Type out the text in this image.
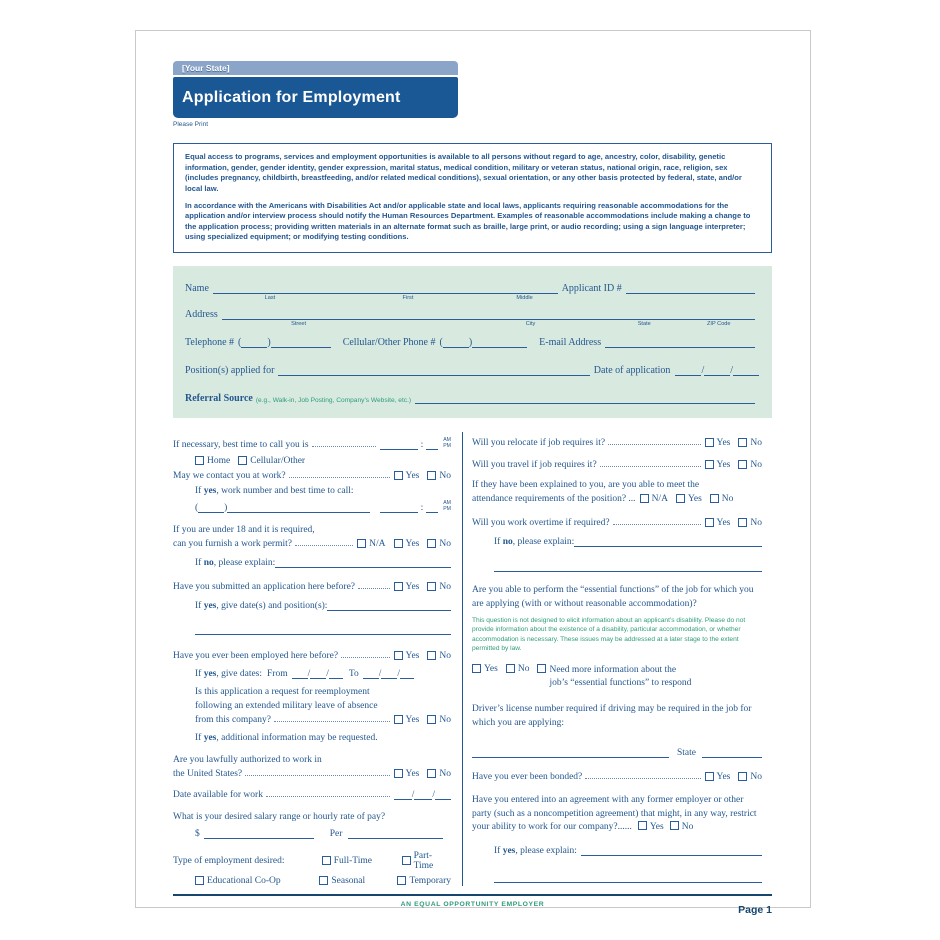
[Your State]
Application for Employment
Please Print

Equal access to programs, services and employment opportunities is available to all persons without regard to age, ancestry, color, disability, genetic information, gender, gender identity, gender expression, marital status, medical condition, military or veteran status, national origin, race, religion, sex (includes pregnancy, childbirth, breastfeeding, and/or related medical conditions), sexual orientation, or any other basis protected by federal, state, and/or local law.

In accordance with the Americans with Disabilities Act and/or applicable state and local laws, applicants requiring reasonable accommodations for the application and/or interview process should notify the Human Resources Department. Examples of reasonable accommodations include making a change to the application process; providing written materials in an alternate format such as braille, large print, or audio recording; using a sign language interpreter; using specialized equipment; or modifying testing conditions.

Name
Last	First	Middle
Applicant ID #
Address
Street	City	State	ZIP Code
Telephone # (	)	Cellular/Other Phone # (	)	E-mail Address
Position(s) applied for	Date of application	/	/
Referral Source (e.g., Walk-in, Job Posting, Company’s Website, etc.)
If necessary, best time to call you is	:	AM
PM
Home Cellular/Other
May we contact you at work?	Yes No
If yes, work number and best time to call:
(	)	:	AM
PM
If you are under 18 and it is required,
can you furnish a work permit?	N/A Yes No
If no, please explain:
Have you submitted an application here before?	Yes No
If yes, give date(s) and position(s):
Have you ever been employed here before?	Yes No
If yes, give dates: From / / To / /
Is this application a request for reemployment
following an extended military leave of absence
from this company?	Yes No
If yes, additional information may be requested.
Are you lawfully authorized to work in
the United States?	Yes No
Date available for work	/ /
What is your desired salary range or hourly rate of pay?
$	Per
Type of employment desired:	Full-Time	Part-Time
Educational Co-Op	Seasonal	Temporary
Will you relocate if job requires it?	Yes No
Will you travel if job requires it?	Yes No
If they have been explained to you, are you able to meet the
attendance requirements of the position? ... N/A Yes No
Will you work overtime if required?	Yes No
If no, please explain:
Are you able to perform the “essential functions” of the job for which you are applying (with or without reasonable accommodation)?
This question is not designed to elicit information about an applicant’s disability. Please do not provide information about the existence of a disability, particular accommodation, or whether accommodation is necessary. These issues may be addressed at a later stage to the extent permitted by law.
Yes No Need more information about the
job’s “essential functions” to respond
Driver’s license number required if driving may be required in the job for which you are applying:
State
Have you ever been bonded?	Yes No
Have you entered into an agreement with any former employer or other party (such as a noncompetition agreement) that might, in any way, restrict your ability to work for our company?...... Yes No
If yes, please explain:
AN EQUAL OPPORTUNITY EMPLOYER	Page 1
